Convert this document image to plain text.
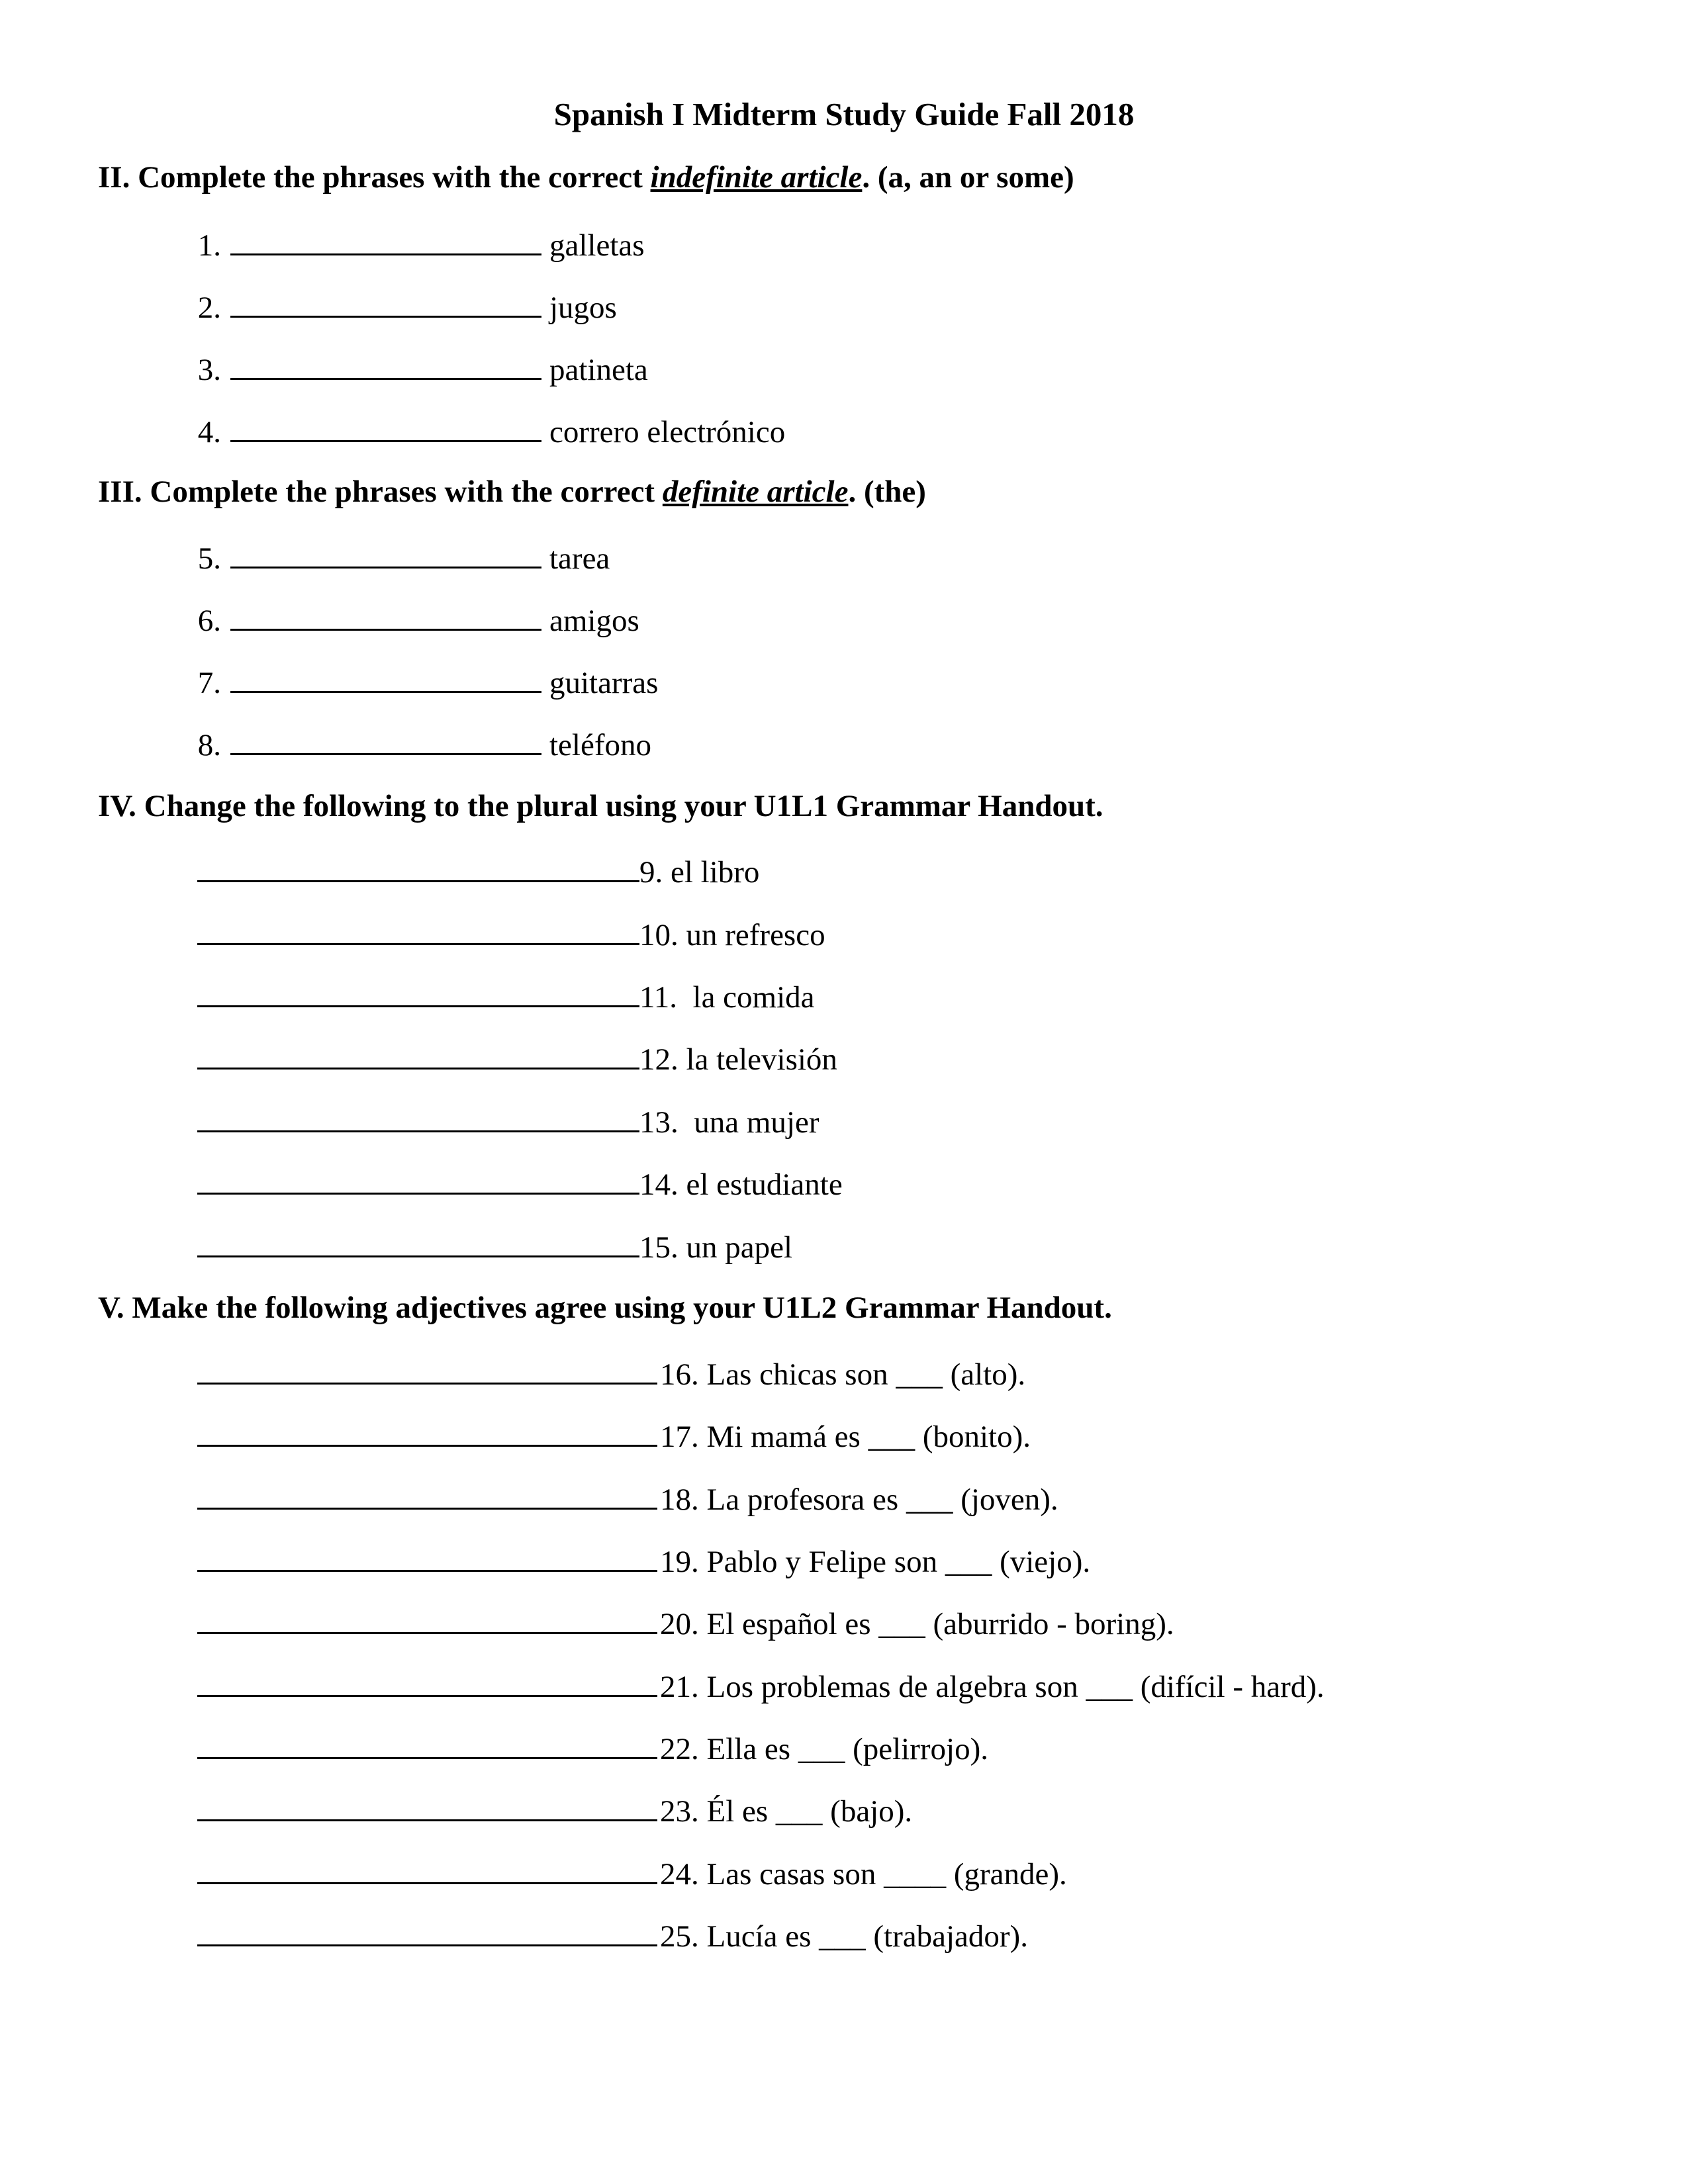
Spanish I Midterm Study Guide Fall 2018
II. Complete the phrases with the correct indefinite article. (a, an or some)
1.	galletas
2.	jugos
3.	patineta
4.	correro electrónico
III. Complete the phrases with the correct definite article. (the)
5.	tarea
6.	amigos
7.	guitarras
8.	teléfono
IV. Change the following to the plural using your U1L1 Grammar Handout.
9. el libro
10. un refresco
11.  la comida
12. la televisión
13.  una mujer
14. el estudiante
15. un papel
V. Make the following adjectives agree using your U1L2 Grammar Handout.
16. Las chicas son ___ (alto).
17. Mi mamá es ___ (bonito).
18. La profesora es ___ (joven).
19. Pablo y Felipe son ___ (viejo).
20. El español es ___ (aburrido - boring).
21. Los problemas de algebra son ___ (difícil - hard).
22. Ella es ___ (pelirrojo).
23. Él es ___ (bajo).
24. Las casas son ____ (grande).
25. Lucía es ___ (trabajador).
